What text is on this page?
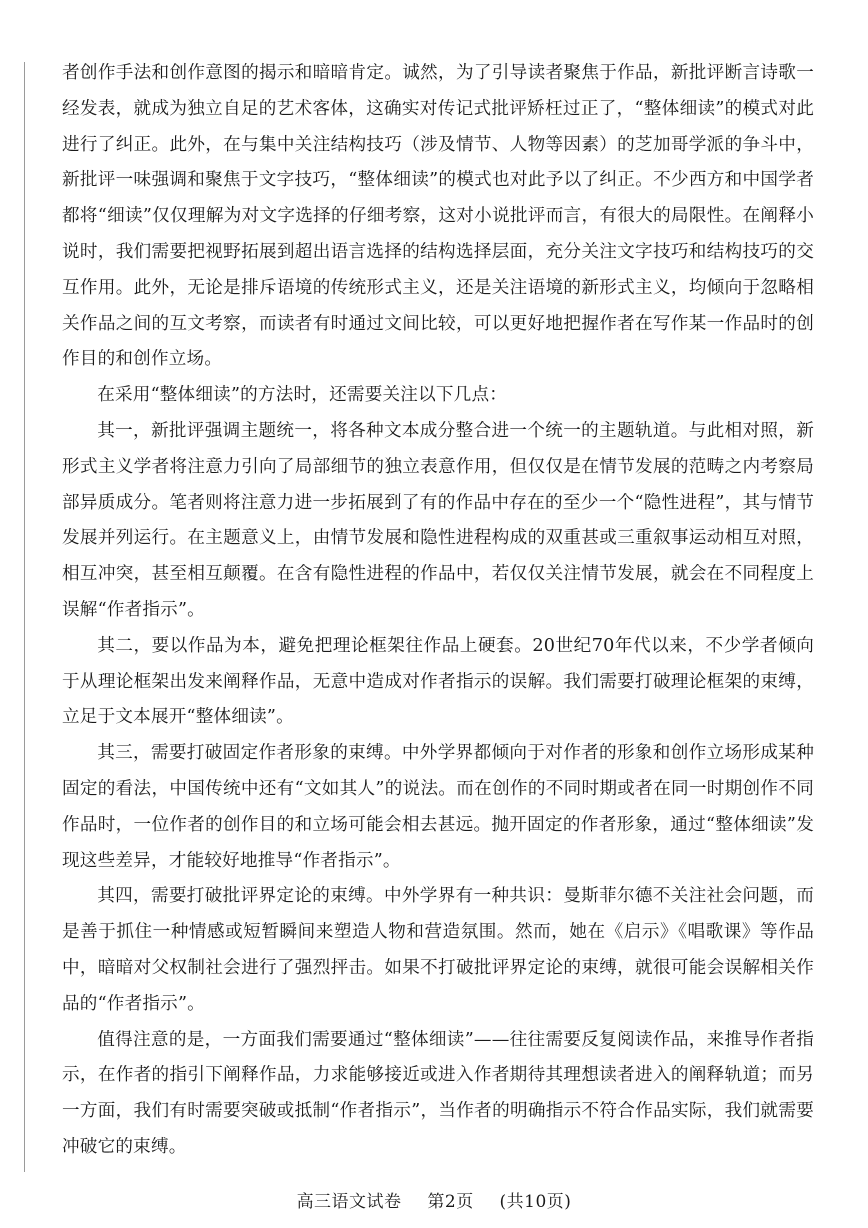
者创作手法和创作意图的揭示和暗暗肯定。诚然，为了引导读者聚焦于作品，新批评断言诗歌一经发表，就成为独立自足的艺术客体，这确实对传记式批评矫枉过正了，“整体细读”的模式对此进行了纠正。此外，在与集中关注结构技巧（涉及情节、人物等因素）的芝加哥学派的争斗中，新批评一味强调和聚焦于文字技巧，“整体细读”的模式也对此予以了纠正。不少西方和中国学者都将“细读”仅仅理解为对文字选择的仔细考察，这对小说批评而言，有很大的局限性。在阐释小说时，我们需要把视野拓展到超出语言选择的结构选择层面，充分关注文字技巧和结构技巧的交互作用。此外，无论是排斥语境的传统形式主义，还是关注语境的新形式主义，均倾向于忽略相关作品之间的互文考察，而读者有时通过文间比较，可以更好地把握作者在写作某一作品时的创作目的和创作立场。

在采用“整体细读”的方法时，还需要关注以下几点：

其一，新批评强调主题统一，将各种文本成分整合进一个统一的主题轨道。与此相对照，新形式主义学者将注意力引向了局部细节的独立表意作用，但仅仅是在情节发展的范畴之内考察局部异质成分。笔者则将注意力进一步拓展到了有的作品中存在的至少一个“隐性进程”，其与情节发展并列运行。在主题意义上，由情节发展和隐性进程构成的双重甚或三重叙事运动相互对照，相互冲突，甚至相互颠覆。在含有隐性进程的作品中，若仅仅关注情节发展，就会在不同程度上误解“作者指示”。

其二，要以作品为本，避免把理论框架往作品上硬套。20世纪70年代以来，不少学者倾向于从理论框架出发来阐释作品，无意中造成对作者指示的误解。我们需要打破理论框架的束缚，立足于文本展开“整体细读”。

其三，需要打破固定作者形象的束缚。中外学界都倾向于对作者的形象和创作立场形成某种固定的看法，中国传统中还有“文如其人”的说法。而在创作的不同时期或者在同一时期创作不同作品时，一位作者的创作目的和立场可能会相去甚远。抛开固定的作者形象，通过“整体细读”发现这些差异，才能较好地推导“作者指示”。

其四，需要打破批评界定论的束缚。中外学界有一种共识：曼斯菲尔德不关注社会问题，而是善于抓住一种情感或短暂瞬间来塑造人物和营造氛围。然而，她在《启示》《唱歌课》等作品中，暗暗对父权制社会进行了强烈抨击。如果不打破批评界定论的束缚，就很可能会误解相关作品的“作者指示”。

值得注意的是，一方面我们需要通过“整体细读”——往往需要反复阅读作品，来推导作者指示，在作者的指引下阐释作品，力求能够接近或进入作者期待其理想读者进入的阐释轨道；而另一方面，我们有时需要突破或抵制“作者指示”，当作者的明确指示不符合作品实际，我们就需要冲破它的束缚。

高三语文试卷 第2页 (共10页)
